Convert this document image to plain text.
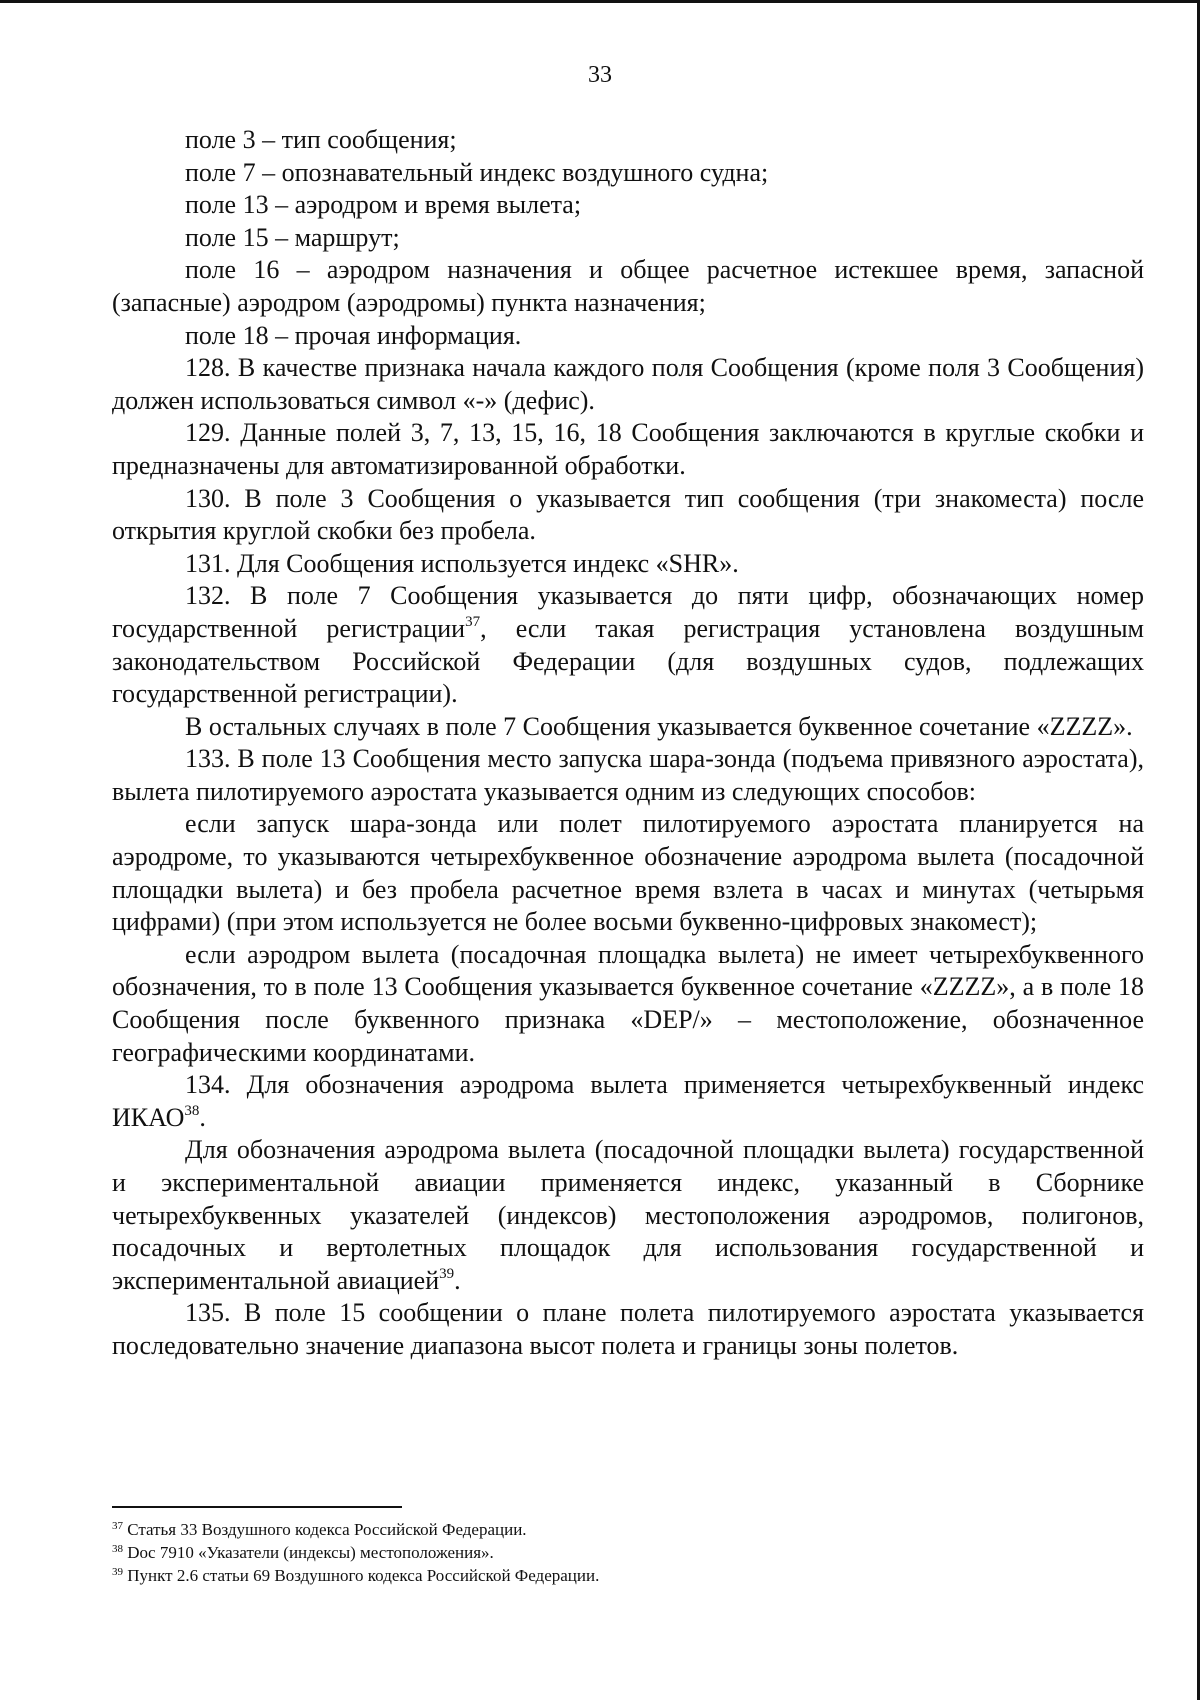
33

поле 3 – тип сообщения;

поле 7 – опознавательный индекс воздушного судна;

поле 13 – аэродром и время вылета;

поле 15 – маршрут;

поле 16 – аэродром назначения и общее расчетное истекшее время, запасной (запасные) аэродром (аэродромы) пункта назначения;

поле 18 – прочая информация.

128. В качестве признака начала каждого поля Сообщения (кроме поля 3 Сообщения) должен использоваться символ «-» (дефис).

129. Данные полей 3, 7, 13, 15, 16, 18 Сообщения заключаются в круглые скобки и предназначены для автоматизированной обработки.

130. В поле 3 Сообщения о указывается тип сообщения (три знакоместа) после открытия круглой скобки без пробела.

131. Для Сообщения используется индекс «SHR».

132. В поле 7 Сообщения указывается до пяти цифр, обозначающих номер государственной регистрации$^{37}$, если такая регистрация установлена воздушным законодательством Российской Федерации (для воздушных судов, подлежащих государственной регистрации).

В остальных случаях в поле 7 Сообщения указывается буквенное сочетание «ZZZZ».

133. В поле 13 Сообщения место запуска шара-зонда (подъема привязного аэростата), вылета пилотируемого аэростата указывается одним из следующих способов:

если запуск шара-зонда или полет пилотируемого аэростата планируется на аэродроме, то указываются четырехбуквенное обозначение аэродрома вылета (посадочной площадки вылета) и без пробела расчетное время взлета в часах и минутах (четырьмя цифрами) (при этом используется не более восьми буквенно-цифровых знакомест);

если аэродром вылета (посадочная площадка вылета) не имеет четырехбуквенного обозначения, то в поле 13 Сообщения указывается буквенное сочетание «ZZZZ», а в поле 18 Сообщения после буквенного признака «DEP/» – местоположение, обозначенное географическими координатами.

134. Для обозначения аэродрома вылета применяется четырехбуквенный индекс ИКАО$^{38}$.

Для обозначения аэродрома вылета (посадочной площадки вылета) государственной и экспериментальной авиации применяется индекс, указанный в Сборнике четырехбуквенных указателей (индексов) местоположения аэродромов, полигонов, посадочных и вертолетных площадок для использования государственной и экспериментальной авиацией$^{39}$.

135. В поле 15 сообщении о плане полета пилотируемого аэростата указывается последовательно значение диапазона высот полета и границы зоны полетов.

$^{37}$ Статья 33 Воздушного кодекса Российской Федерации.
$^{38}$ Doc 7910 «Указатели (индексы) местоположения».
$^{39}$ Пункт 2.6 статьи 69 Воздушного кодекса Российской Федерации.
